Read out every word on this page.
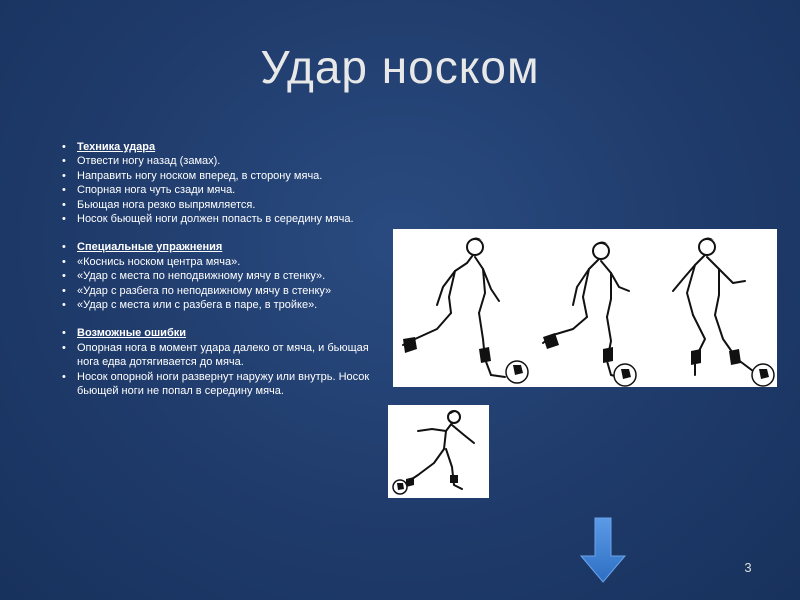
Удар носком
• Техника удара
• Отвести ногу назад (замах).
• Направить ногу носком вперед, в сторону мяча.
• Спорная нога чуть сзади мяча.
• Бьющая нога резко выпрямляется.
• Носок бьющей ноги должен попасть в середину мяча.
• Специальные упражнения
• «Коснись носком центра мяча».
• «Удар с места по неподвижному мячу в стенку».
• «Удар с разбега по неподвижному мячу в стенку»
• «Удар с места или с разбега в паре, в тройке».
• Возможные ошибки
• Опорная нога в момент удара далеко от мяча, и бьющая нога едва дотягивается до мяча.
• Носок опорной ноги развернут наружу или внутрь. Носок бьющей ноги не попал в середину мяча.
3
